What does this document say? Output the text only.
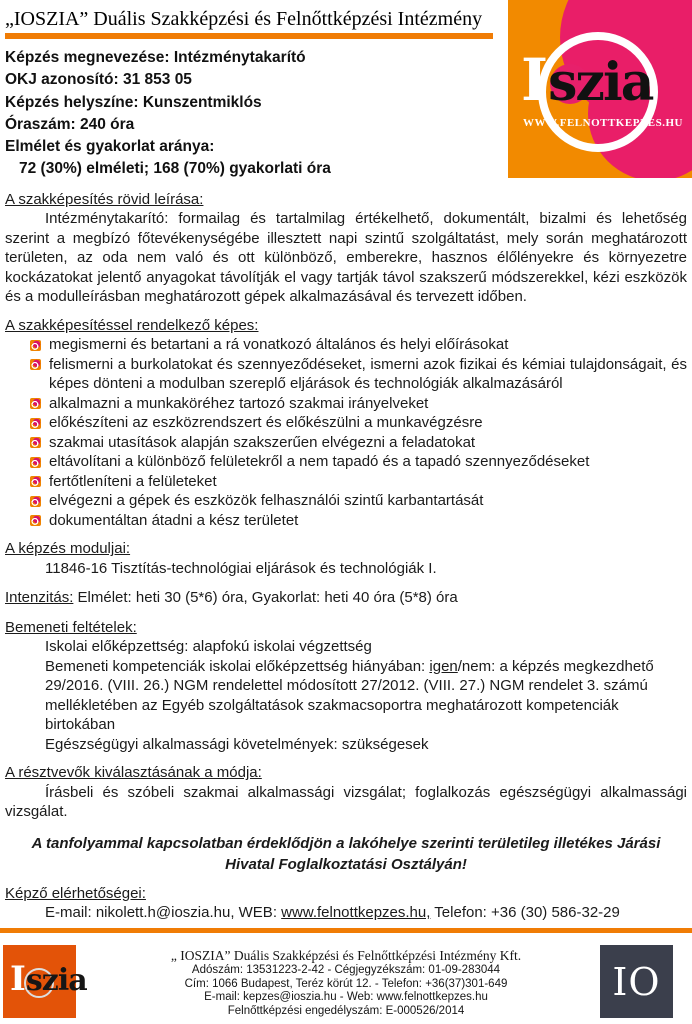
Iszia
WWW.FELNOTTKEPZES.HU
„IOSZIA” Duális Szakképzési és Felnőttképzési Intézmény
Képzés megnevezése: Intézménytakarító
OKJ azonosító: 31 853 05
Képzés helyszíne: Kunszentmiklós
Óraszám: 240 óra
Elmélet és gyakorlat aránya:
72 (30%) elméleti; 168 (70%) gyakorlati óra
A szakképesítés rövid leírása:
Intézménytakarító: formailag és tartalmilag értékelhető, dokumentált, bizalmi és lehetőség szerint a megbízó főtevékenységébe illesztett napi szintű szolgáltatást, mely során meghatározott területen, az oda nem való és ott különböző, emberekre, hasznos élőlényekre és környezetre kockázatokat jelentő anyagokat távolítják el vagy tartják távol szakszerű módszerekkel, kézi eszközök és a modulleírásban meghatározott gépek alkalmazásával és tervezett időben.
A szakképesítéssel rendelkező képes:
megismerni és betartani a rá vonatkozó általános és helyi előírásokat
felismerni a burkolatokat és szennyeződéseket, ismerni azok fizikai és kémiai tulajdonságait, és képes dönteni a modulban szereplő eljárások és technológiák alkalmazásáról
alkalmazni a munkaköréhez tartozó szakmai irányelveket
előkészíteni az eszközrendszert és előkészülni a munkavégzésre
szakmai utasítások alapján szakszerűen elvégezni a feladatokat
eltávolítani a különböző felületekről a nem tapadó és a tapadó szennyeződéseket
fertőtleníteni a felületeket
elvégezni a gépek és eszközök felhasználói szintű karbantartását
dokumentáltan átadni a kész területet
A képzés moduljai:
11846-16 Tisztítás-technológiai eljárások és technológiák I.
Intenzitás: Elmélet: heti 30 (5*6) óra, Gyakorlat: heti 40 óra (5*8) óra
Bemeneti feltételek:
Iskolai előképzettség: alapfokú iskolai végzettség
Bemeneti kompetenciák iskolai előképzettség hiányában: igen/nem: a képzés megkezdhető 29/2016. (VIII. 26.) NGM rendelettel módosított 27/2012. (VIII. 27.) NGM rendelet 3. számú mellékletében az Egyéb szolgáltatások szakmacsoportra meghatározott kompetenciák birtokában
Egészségügyi alkalmassági követelmények: szükségesek
A résztvevők kiválasztásának a módja:
Írásbeli és szóbeli szakmai alkalmassági vizsgálat; foglalkozás egészségügyi alkalmassági vizsgálat.
A tanfolyammal kapcsolatban érdeklődjön a lakóhelye szerinti területileg illetékes Járási Hivatal Foglalkoztatási Osztályán!
Képző elérhetőségei:
E-mail: nikolett.h@ioszia.hu, WEB: www.felnottkepzes.hu, Telefon: +36 (30) 586-32-29
Iszia
„ IOSZIA” Duális Szakképzési és Felnőttképzési Intézmény Kft.
Adószám: 13531223-2-42 - Cégjegyzékszám: 01-09-283044
Cím: 1066 Budapest, Teréz körút 12. - Telefon: +36(37)301-649
E-mail: kepzes@ioszia.hu - Web: www.felnottkepzes.hu
Felnőttképzési engedélyszám: E-000526/2014
IO
